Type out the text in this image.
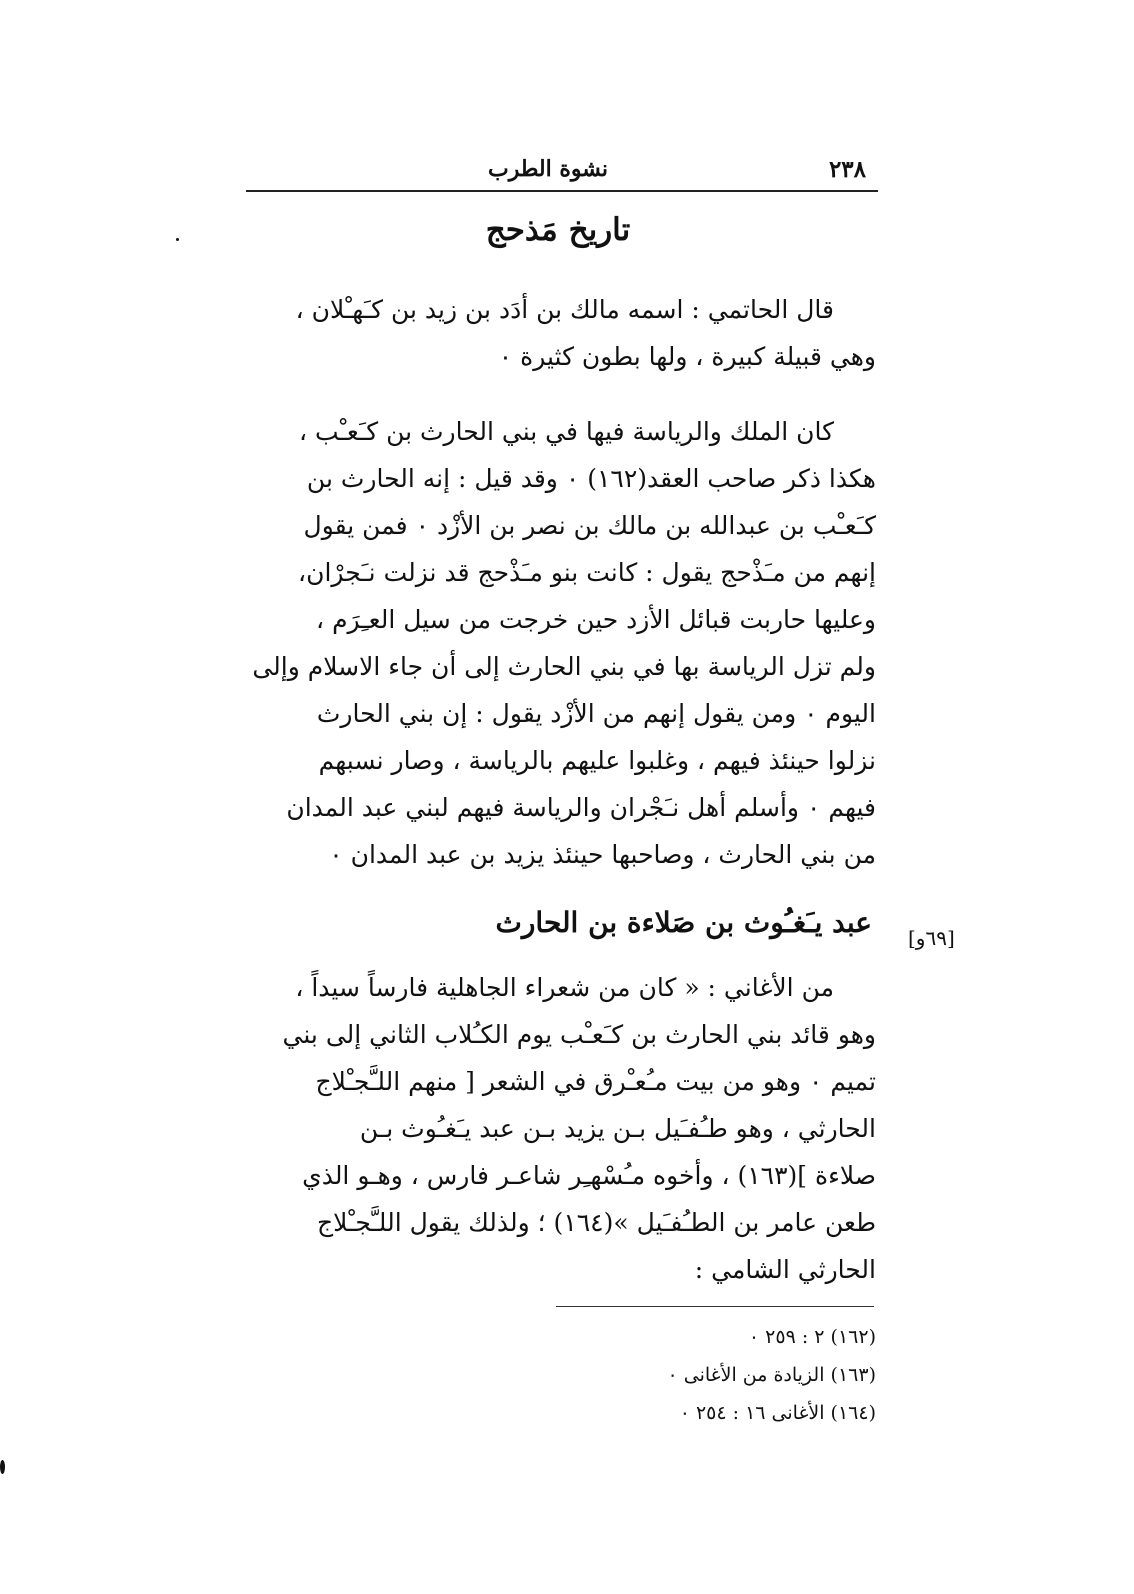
٢٣٨
نشوة الطرب
تاريخ مَذحج
قال الحاتمي : اسمه مالك بن أدَد بن زيد بن كـَهـْلان ،
وهي قبيلة كبيرة ، ولها بطون كثيرة ٠
كان الملك والرياسة فيها في بني الحارث بن كـَعـْب ،
هكذا ذكر صاحب العقد(١٦٢) ٠ وقد قيل : إنه الحارث بن
كـَعـْب بن عبدالله بن مالك بن نصر بن الأزْد ٠ فمن يقول
إنهم من مـَذْحج يقول : كانت بنو مـَذْحج قد نزلت نـَجرْان،
وعليها حاربت قبائل الأزد حين خرجت من سيل العـِرَم ،
ولم تزل الرياسة بها في بني الحارث إلى أن جاء الاسلام وإلى
اليوم ٠ ومن يقول إنهم من الأزْد يقول : إن بني الحارث
نزلوا حينئذ فيهم ، وغلبوا عليهم بالرياسة ، وصار نسبهم
فيهم ٠ وأسلم أهل نـَجْران والرياسة فيهم لبني عبد المدان
من بني الحارث ، وصاحبها حينئذ يزيد بن عبد المدان ٠
عبد يـَغـُوث بن صَلاءة بن الحارث [٦٩و]
من الأغاني : « كان من شعراء الجاهلية فارساً سيداً ،
وهو قائد بني الحارث بن كـَعـْب يوم الكـُلاب الثاني إلى بني
تميم ٠ وهو من بيت مـُعـْرق في الشعر [ منهم اللـَّجـْلاج
الحارثي ، وهو طـُفـَيل بـن يزيد بـن عبد يـَغـُوث بـن
صلاءة ](١٦٣) ، وأخوه مـُسْهـِر شاعـر فارس ، وهـو الذي
طعن عامر بن الطـُفـَيل »(١٦٤) ؛ ولذلك يقول اللـَّجـْلاج
الحارثي الشامي :
(١٦٢) ٢ : ٢٥٩ ٠
(١٦٣) الزيادة من الأغانى ٠
(١٦٤) الأغانى ١٦ : ٢٥٤ ٠
